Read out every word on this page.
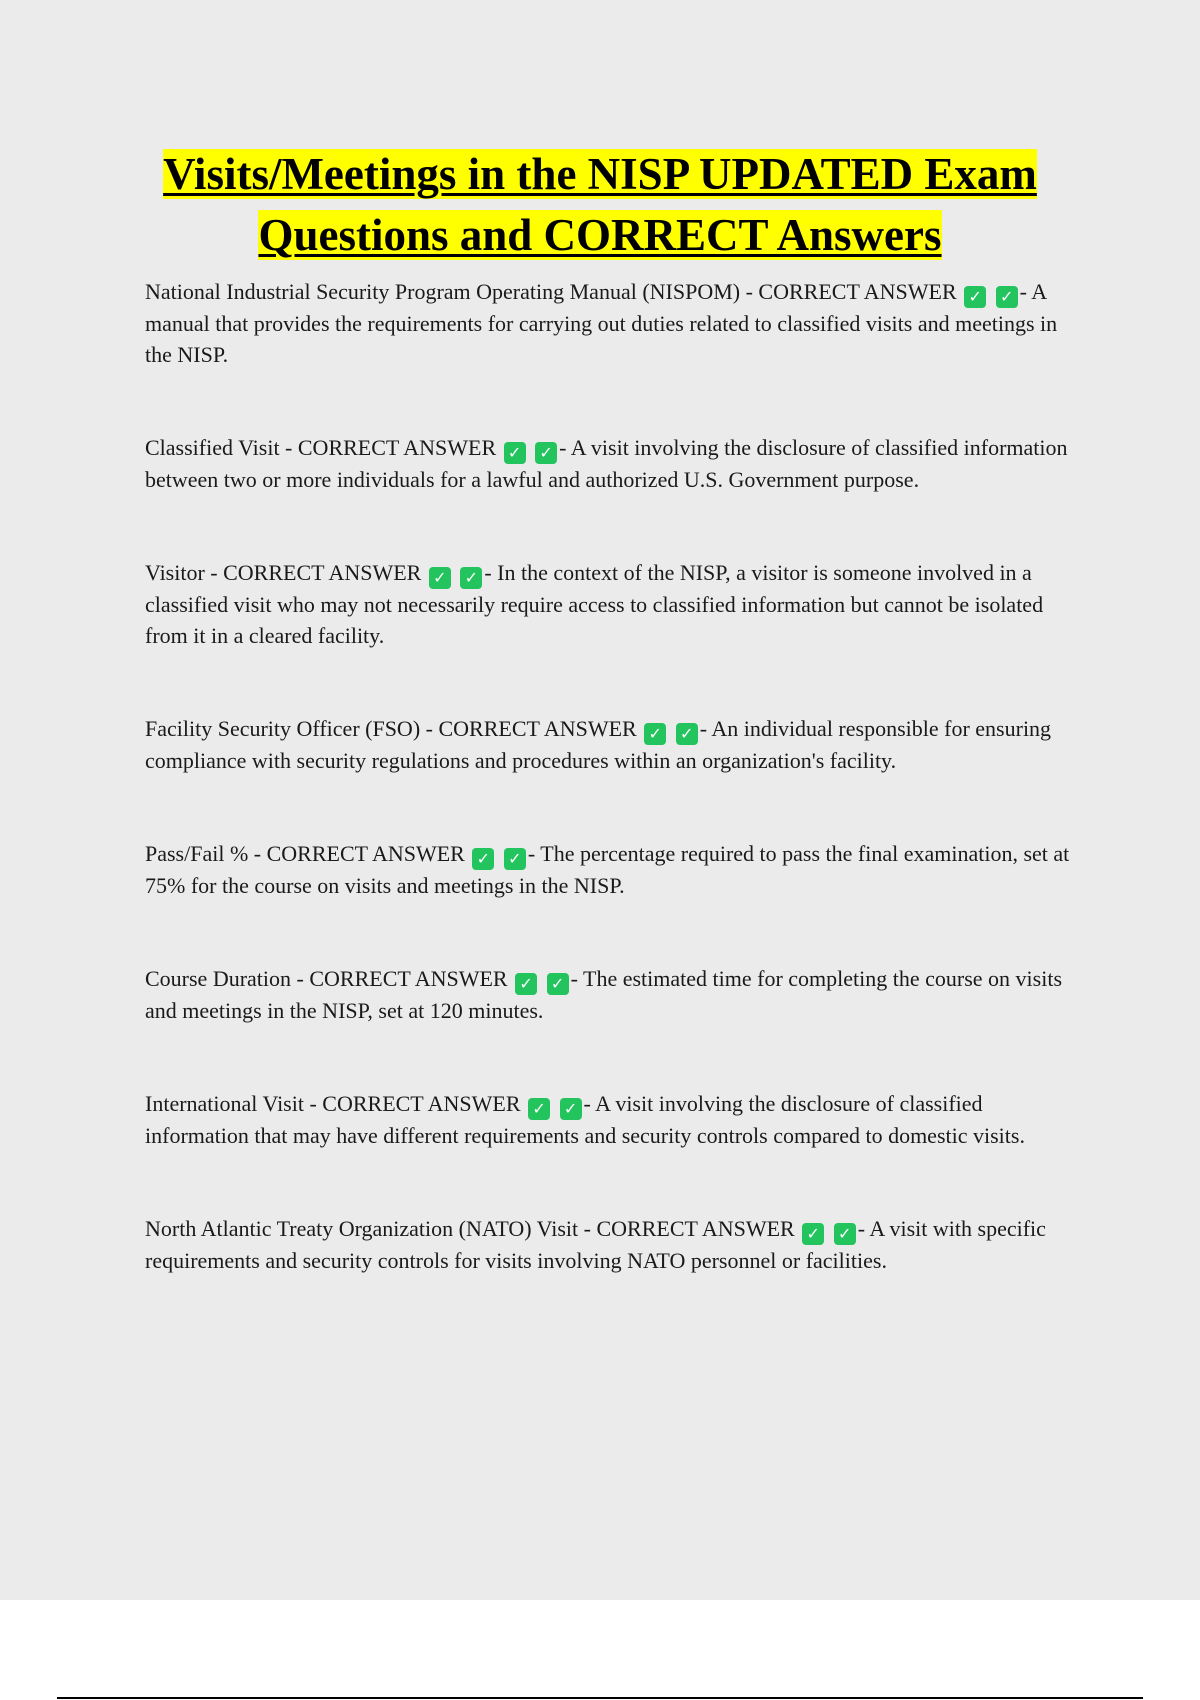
Visits/Meetings in the NISP UPDATED Exam Questions and CORRECT Answers

National Industrial Security Program Operating Manual (NISPOM) - CORRECT ANSWER ✓ ✓ - A manual that provides the requirements for carrying out duties related to classified visits and meetings in the NISP.

Classified Visit - CORRECT ANSWER ✓ ✓ - A visit involving the disclosure of classified information between two or more individuals for a lawful and authorized U.S. Government purpose.

Visitor - CORRECT ANSWER ✓ ✓ - In the context of the NISP, a visitor is someone involved in a classified visit who may not necessarily require access to classified information but cannot be isolated from it in a cleared facility.

Facility Security Officer (FSO) - CORRECT ANSWER ✓ ✓ - An individual responsible for ensuring compliance with security regulations and procedures within an organization's facility.

Pass/Fail % - CORRECT ANSWER ✓ ✓ - The percentage required to pass the final examination, set at 75% for the course on visits and meetings in the NISP.

Course Duration - CORRECT ANSWER ✓ ✓ - The estimated time for completing the course on visits and meetings in the NISP, set at 120 minutes.

International Visit - CORRECT ANSWER ✓ ✓ - A visit involving the disclosure of classified information that may have different requirements and security controls compared to domestic visits.

North Atlantic Treaty Organization (NATO) Visit - CORRECT ANSWER ✓ ✓ - A visit with specific requirements and security controls for visits involving NATO personnel or facilities.
